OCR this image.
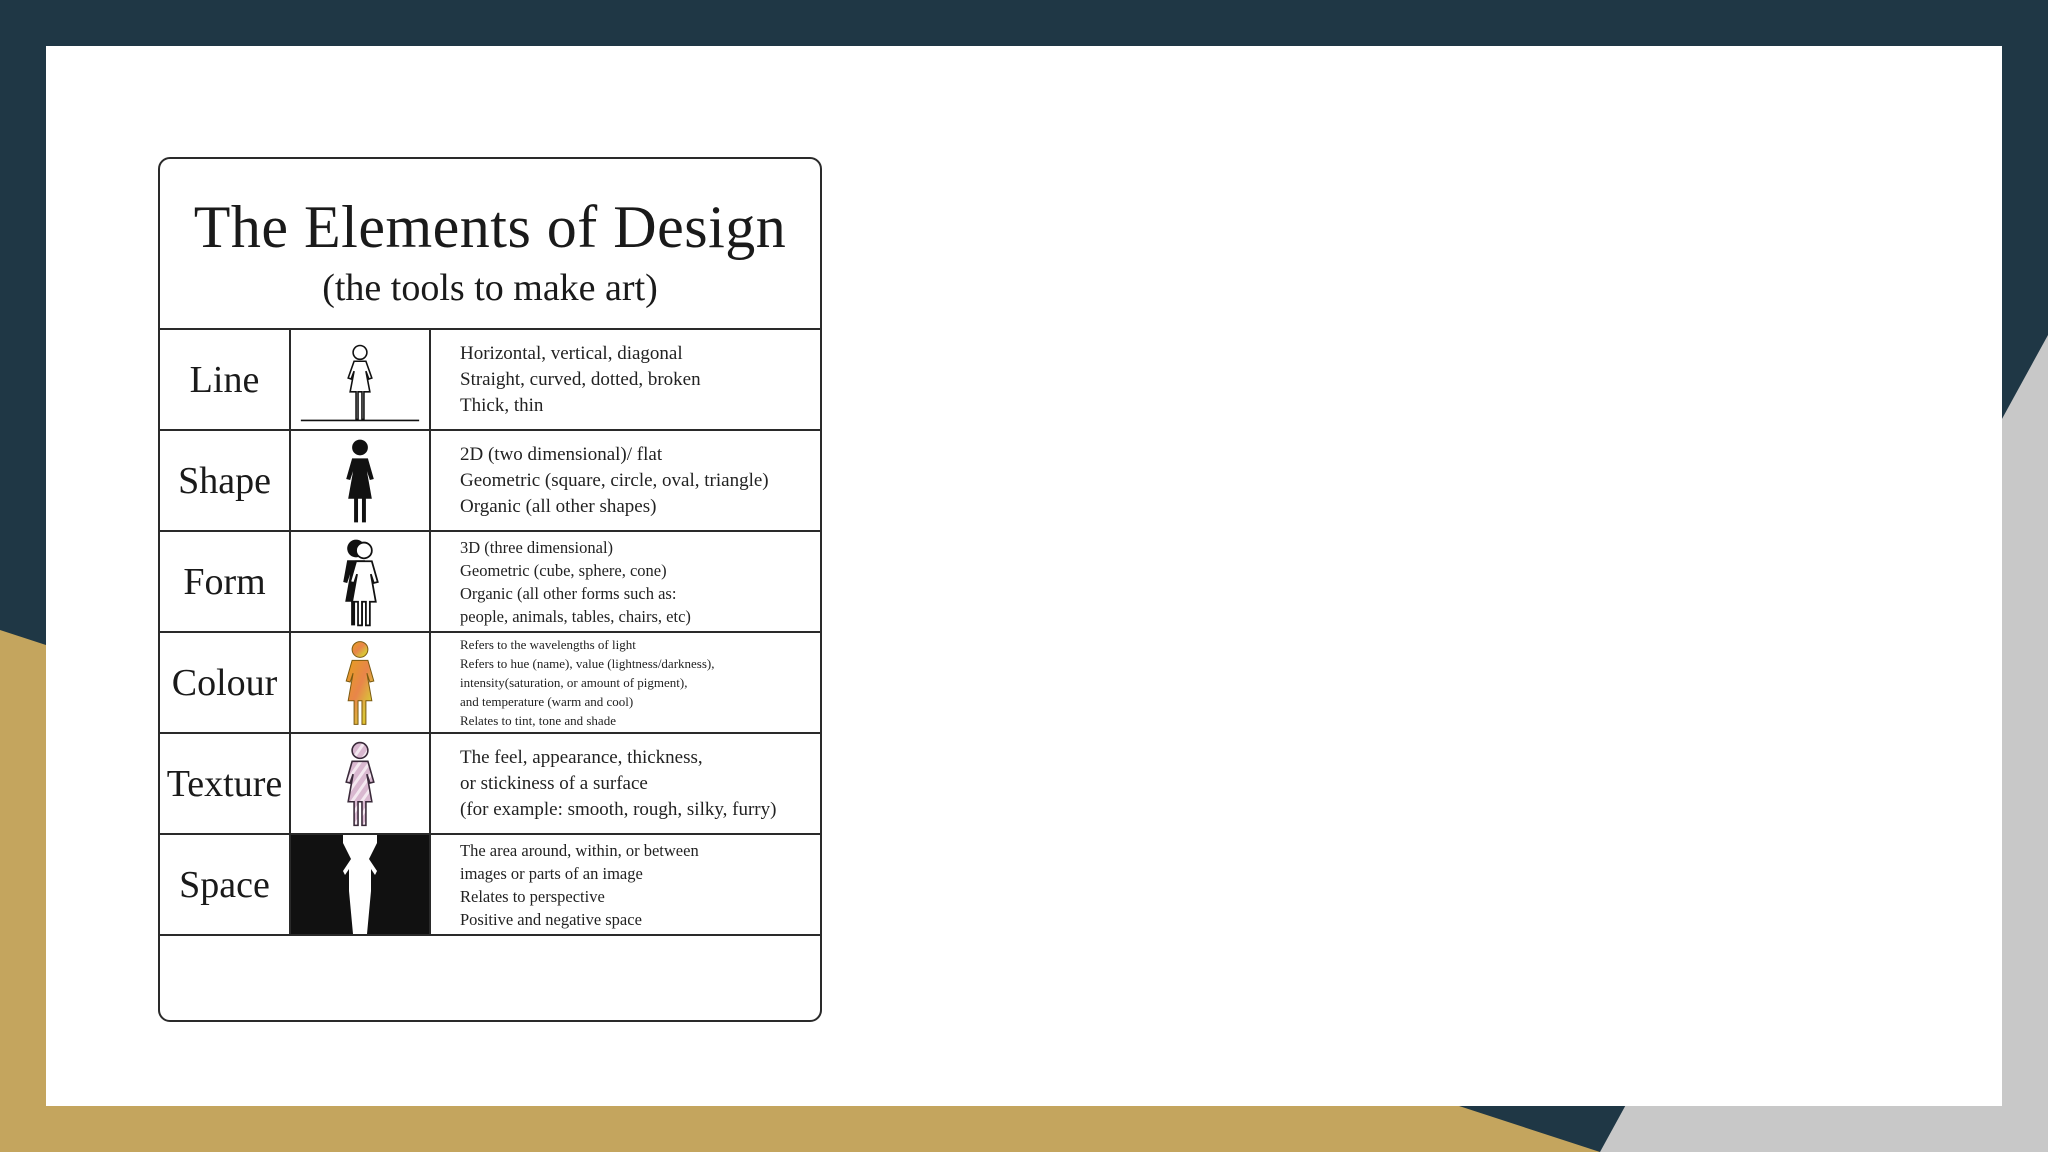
The Elements of Design
(the tools to make art)
Line
Horizontal, vertical, diagonal
Straight, curved, dotted, broken
Thick, thin
Shape
2D (two dimensional)/ flat
Geometric (square, circle, oval, triangle)
Organic (all other shapes)
Form
3D (three dimensional)
Geometric (cube, sphere, cone)
Organic (all other forms such as:
people, animals, tables, chairs, etc)
Colour
Refers to the wavelengths of light
Refers to hue (name), value (lightness/darkness),
intensity(saturation, or amount of pigment),
and temperature (warm and cool)
Relates to tint, tone and shade
Texture
The feel, appearance, thickness,
or stickiness of a surface
(for example: smooth, rough, silky, furry)
Space
The area around, within, or between
images or parts of an image
Relates to perspective
Positive and negative space
